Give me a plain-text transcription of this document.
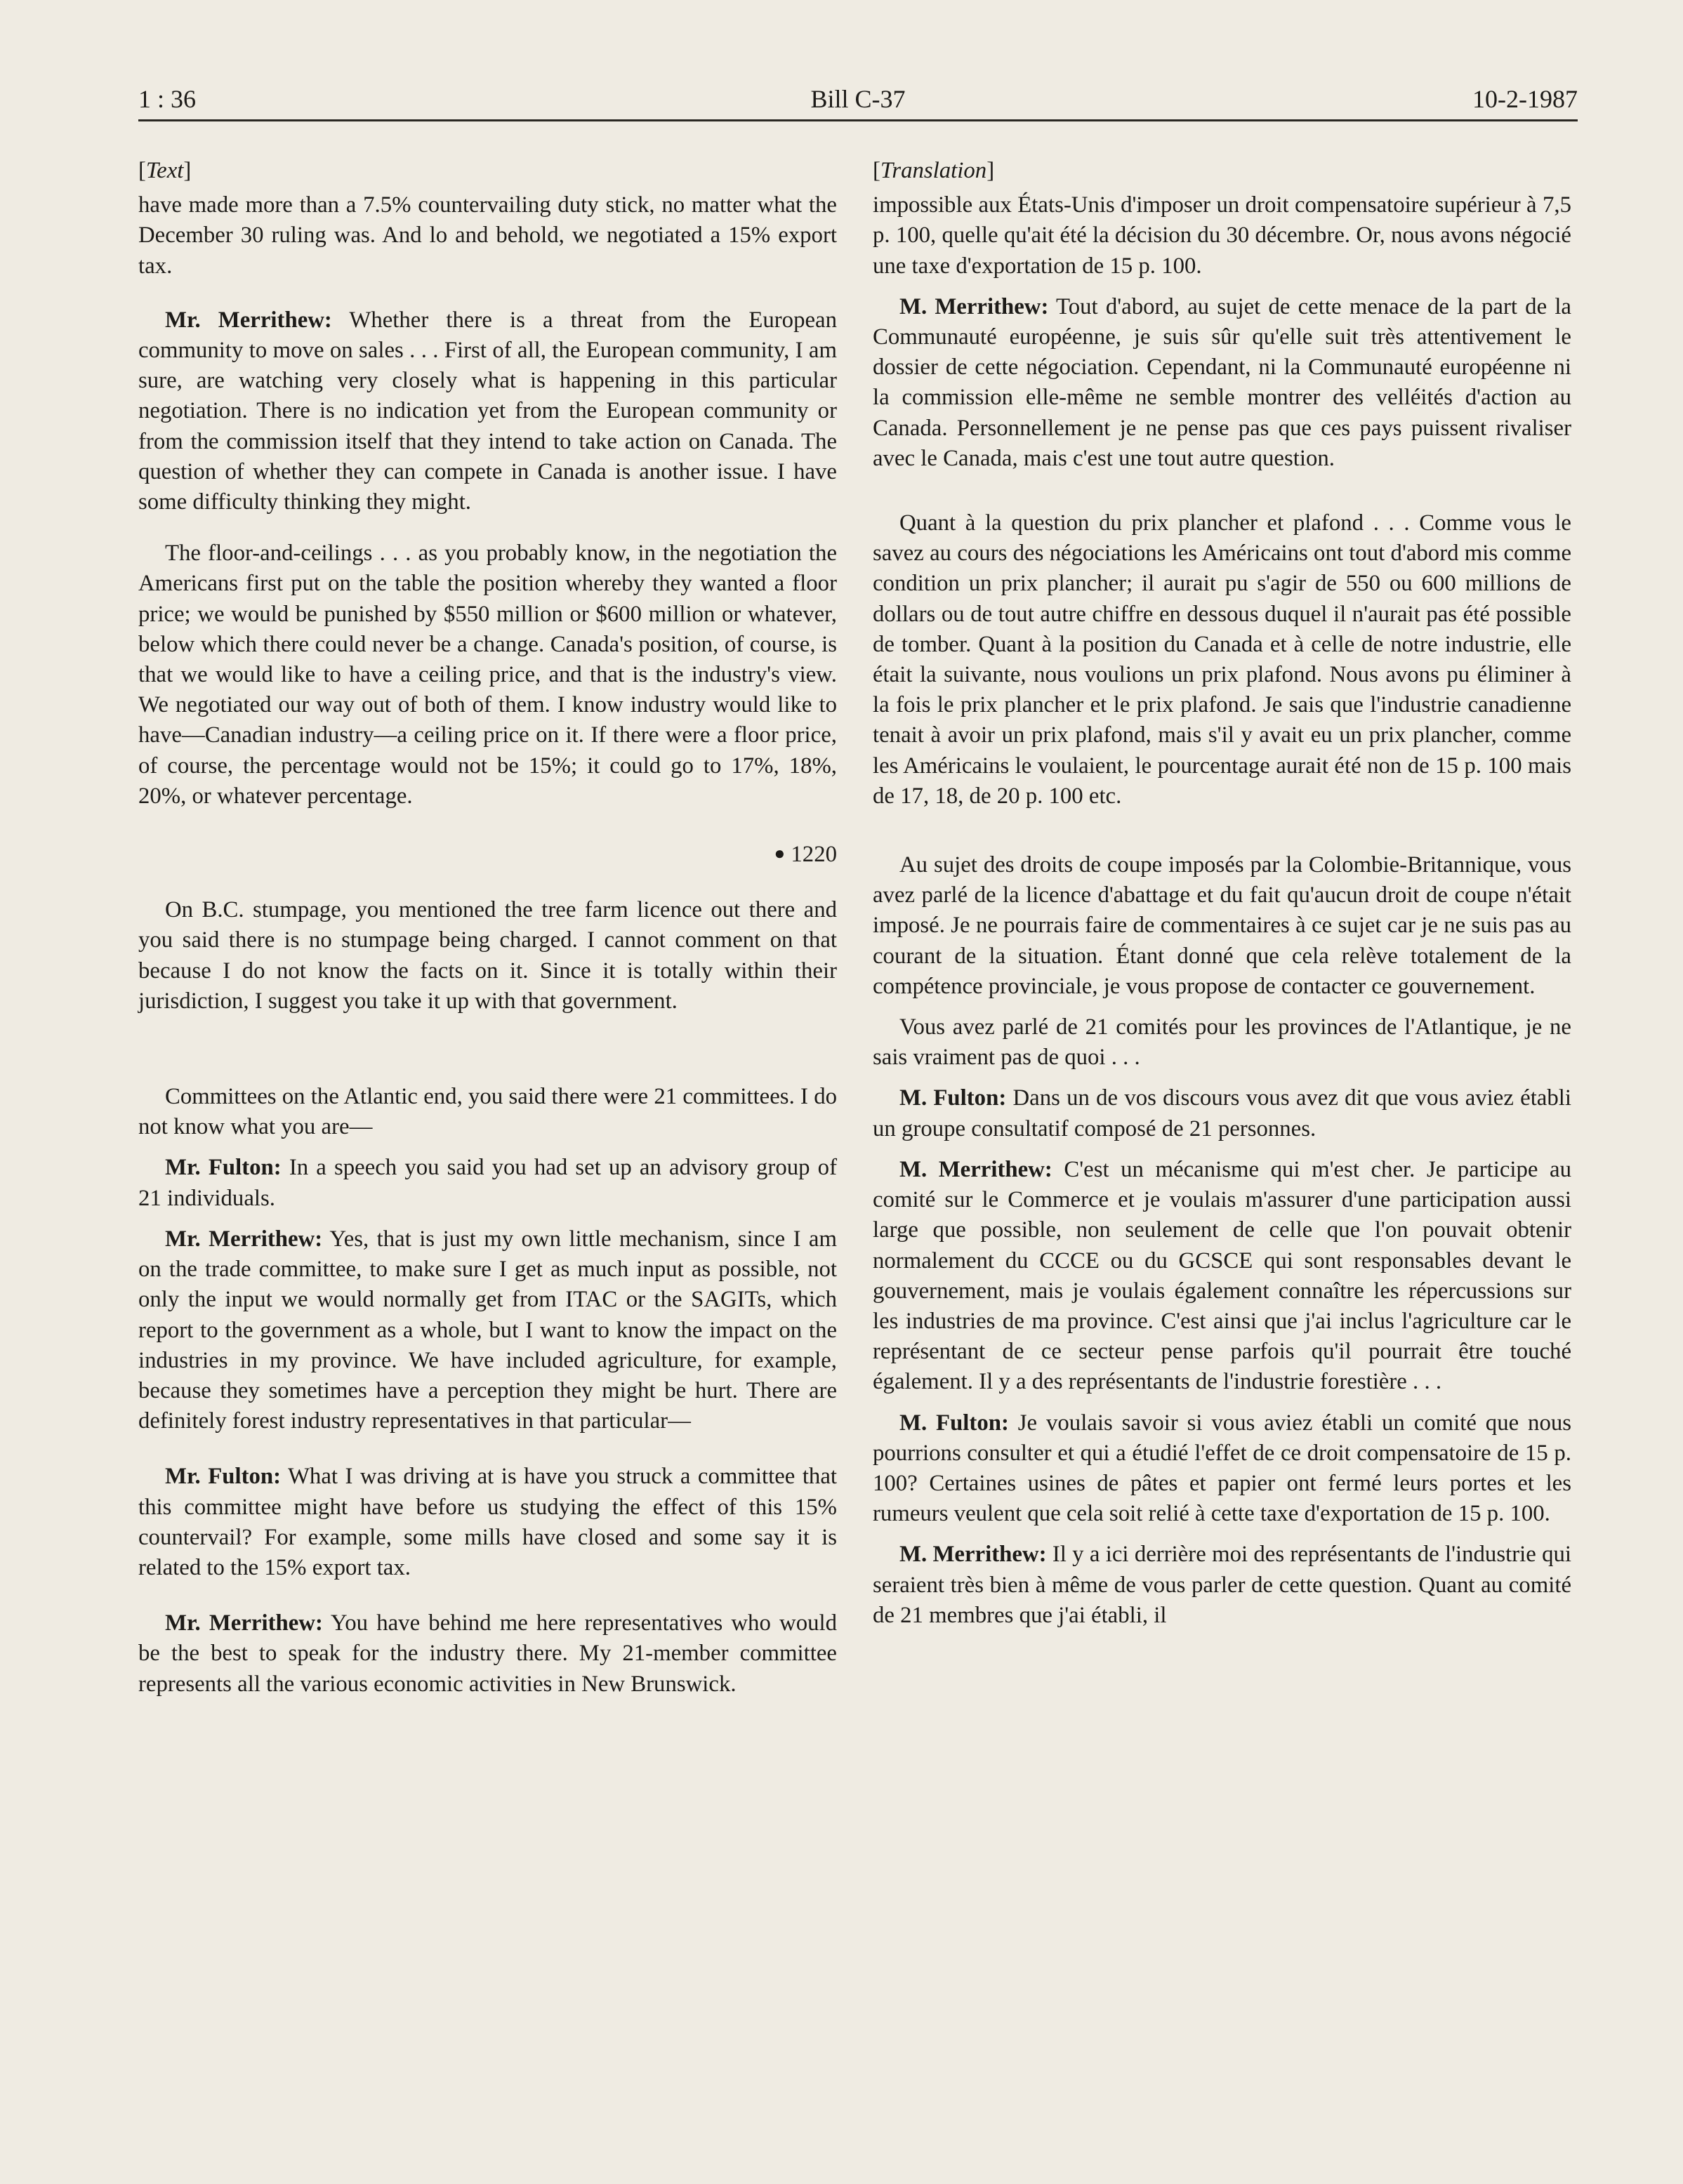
1 : 36	Bill C-37	10-2-1987

[Text]

have made more than a 7.5% countervailing duty stick, no matter what the December 30 ruling was. And lo and behold, we negotiated a 15% export tax.

Mr. Merrithew: Whether there is a threat from the European community to move on sales . . . First of all, the European community, I am sure, are watching very closely what is happening in this particular negotiation. There is no indication yet from the European community or from the commission itself that they intend to take action on Canada. The question of whether they can compete in Canada is another issue. I have some difficulty thinking they might.

The floor-and-ceilings . . . as you probably know, in the negotiation the Americans first put on the table the position whereby they wanted a floor price; we would be punished by $550 million or $600 million or whatever, below which there could never be a change. Canada's position, of course, is that we would like to have a ceiling price, and that is the industry's view. We negotiated our way out of both of them. I know industry would like to have—Canadian industry—a ceiling price on it. If there were a floor price, of course, the percentage would not be 15%; it could go to 17%, 18%, 20%, or whatever percentage.

● 1220

On B.C. stumpage, you mentioned the tree farm licence out there and you said there is no stumpage being charged. I cannot comment on that because I do not know the facts on it. Since it is totally within their jurisdiction, I suggest you take it up with that government.

Committees on the Atlantic end, you said there were 21 committees. I do not know what you are—

Mr. Fulton: In a speech you said you had set up an advisory group of 21 individuals.

Mr. Merrithew: Yes, that is just my own little mechanism, since I am on the trade committee, to make sure I get as much input as possible, not only the input we would normally get from ITAC or the SAGITs, which report to the government as a whole, but I want to know the impact on the industries in my province. We have included agriculture, for example, because they sometimes have a perception they might be hurt. There are definitely forest industry representatives in that particular—

Mr. Fulton: What I was driving at is have you struck a committee that this committee might have before us studying the effect of this 15% countervail? For example, some mills have closed and some say it is related to the 15% export tax.

Mr. Merrithew: You have behind me here representatives who would be the best to speak for the industry there. My 21-member committee represents all the various economic activities in New Brunswick.

[Translation]

impossible aux États-Unis d'imposer un droit compensatoire supérieur à 7,5 p. 100, quelle qu'ait été la décision du 30 décembre. Or, nous avons négocié une taxe d'exportation de 15 p. 100.

M. Merrithew: Tout d'abord, au sujet de cette menace de la part de la Communauté européenne, je suis sûr qu'elle suit très attentivement le dossier de cette négociation. Cependant, ni la Communauté européenne ni la commission elle-même ne semble montrer des velléités d'action au Canada. Personnellement je ne pense pas que ces pays puissent rivaliser avec le Canada, mais c'est une tout autre question.

Quant à la question du prix plancher et plafond . . . Comme vous le savez au cours des négociations les Américains ont tout d'abord mis comme condition un prix plancher; il aurait pu s'agir de 550 ou 600 millions de dollars ou de tout autre chiffre en dessous duquel il n'aurait pas été possible de tomber. Quant à la position du Canada et à celle de notre industrie, elle était la suivante, nous voulions un prix plafond. Nous avons pu éliminer à la fois le prix plancher et le prix plafond. Je sais que l'industrie canadienne tenait à avoir un prix plafond, mais s'il y avait eu un prix plancher, comme les Américains le voulaient, le pourcentage aurait été non de 15 p. 100 mais de 17, 18, de 20 p. 100 etc.

Au sujet des droits de coupe imposés par la Colombie-Britannique, vous avez parlé de la licence d'abattage et du fait qu'aucun droit de coupe n'était imposé. Je ne pourrais faire de commentaires à ce sujet car je ne suis pas au courant de la situation. Étant donné que cela relève totalement de la compétence provinciale, je vous propose de contacter ce gouvernement.

Vous avez parlé de 21 comités pour les provinces de l'Atlantique, je ne sais vraiment pas de quoi . . .

M. Fulton: Dans un de vos discours vous avez dit que vous aviez établi un groupe consultatif composé de 21 personnes.

M. Merrithew: C'est un mécanisme qui m'est cher. Je participe au comité sur le Commerce et je voulais m'assurer d'une participation aussi large que possible, non seulement de celle que l'on pouvait obtenir normalement du CCCE ou du GCSCE qui sont responsables devant le gouvernement, mais je voulais également connaître les répercussions sur les industries de ma province. C'est ainsi que j'ai inclus l'agriculture car le représentant de ce secteur pense parfois qu'il pourrait être touché également. Il y a des représentants de l'industrie forestière . . .

M. Fulton: Je voulais savoir si vous aviez établi un comité que nous pourrions consulter et qui a étudié l'effet de ce droit compensatoire de 15 p. 100? Certaines usines de pâtes et papier ont fermé leurs portes et les rumeurs veulent que cela soit relié à cette taxe d'exportation de 15 p. 100.

M. Merrithew: Il y a ici derrière moi des représentants de l'industrie qui seraient très bien à même de vous parler de cette question. Quant au comité de 21 membres que j'ai établi, il
